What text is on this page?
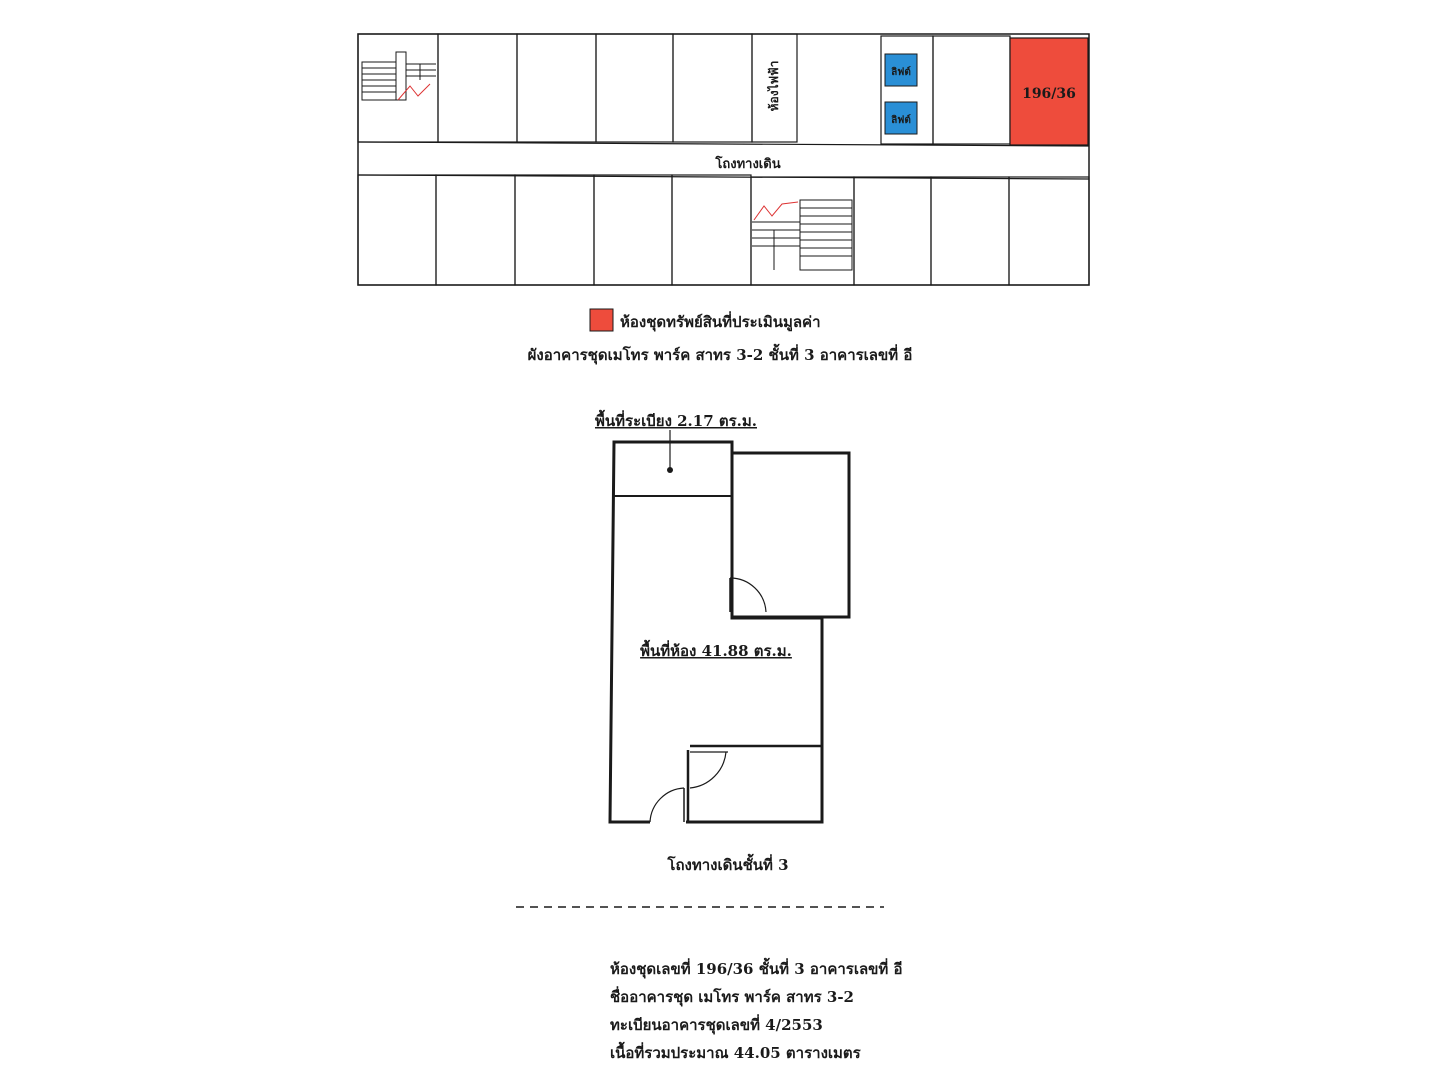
196/36
ลิฟต์
ลิฟต์
ห้องไฟฟ้า
โถงทางเดิน
ห้องชุดทรัพย์สินที่ประเมินมูลค่า
ผังอาคารชุดเมโทร พาร์ค สาทร 3-2 ชั้นที่ 3 อาคารเลขที่ อี
พื้นที่ระเบียง 2.17 ตร.ม.
พื้นที่ห้อง 41.88 ตร.ม.
โถงทางเดินชั้นที่ 3
ห้องชุดเลขที่ 196/36 ชั้นที่ 3 อาคารเลขที่ อี
ชื่ออาคารชุด เมโทร พาร์ค สาทร 3-2
ทะเบียนอาคารชุดเลขที่ 4/2553
เนื้อที่รวมประมาณ 44.05 ตารางเมตร
